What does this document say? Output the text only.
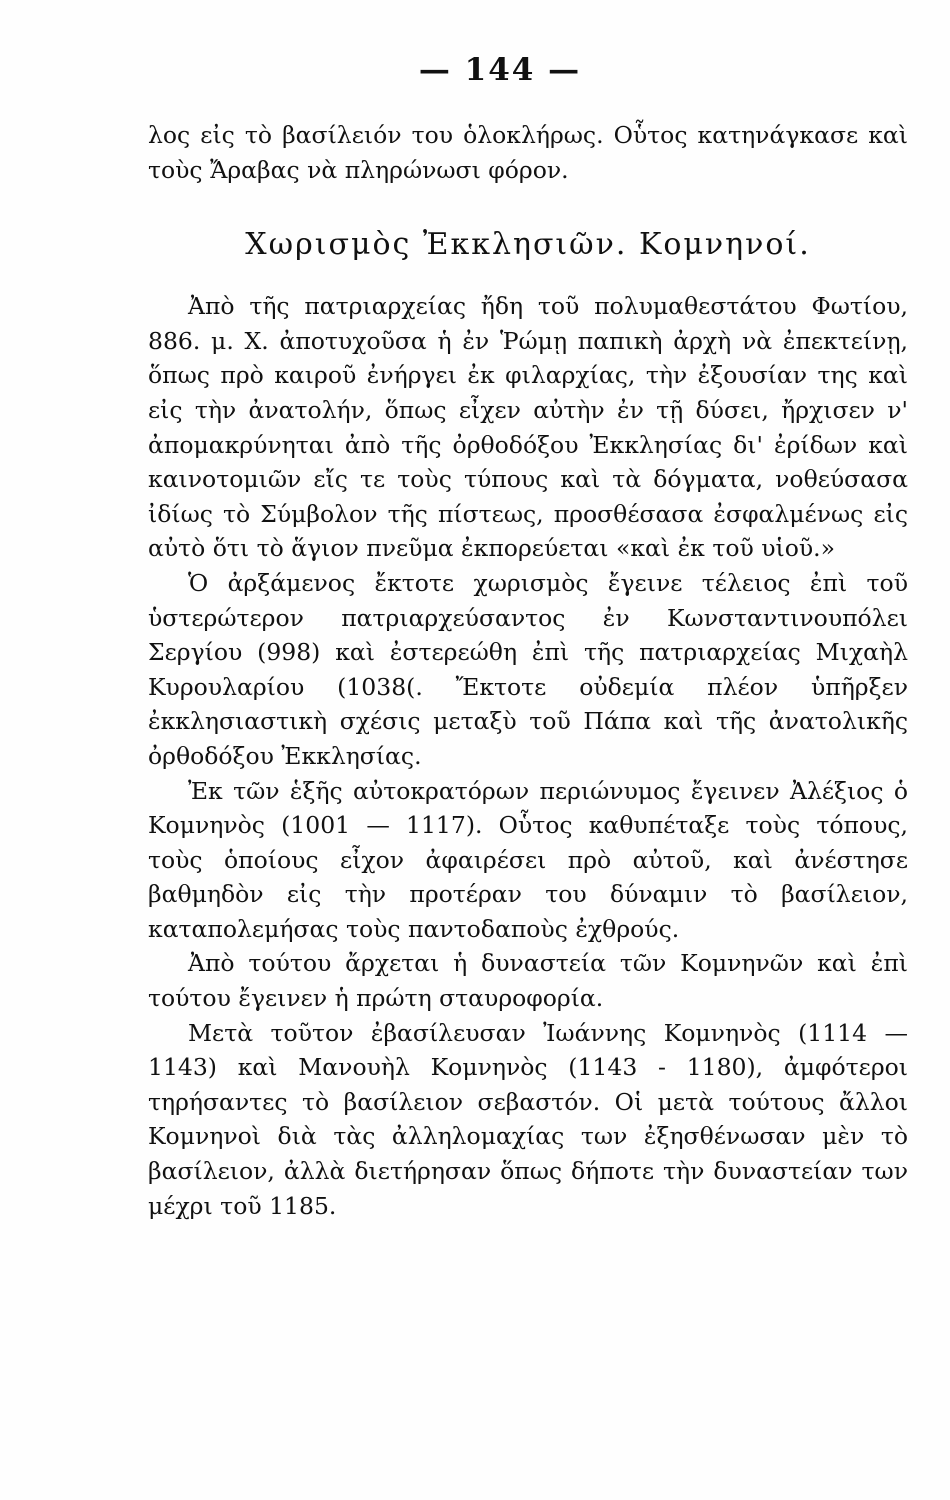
— 144 —

λος εἰς τὸ βασίλειόν του ὁλοκλήρως. Οὗτος κατηνάγκασε καὶ τοὺς Ἄραβας νὰ πληρώνωσι φόρον.

Χωρισμὸς Ἐκκλησιῶν. Κομνηνοί.

Ἀπὸ τῆς πατριαρχείας ἤδη τοῦ πολυμαθεστάτου Φωτίου, 886. μ. Χ. ἀποτυχοῦσα ἡ ἐν Ῥώμῃ παπικὴ ἀρχὴ νὰ ἐπεκτείνῃ, ὅπως πρὸ καιροῦ ἐνήργει ἐκ φιλαρχίας, τὴν ἐξουσίαν της καὶ εἰς τὴν ἀνατολήν, ὅπως εἶχεν αὐτὴν ἐν τῇ δύσει, ἤρχισεν ν' ἀπομακρύνηται ἀπὸ τῆς ὀρθοδόξου Ἐκκλησίας δι' ἐρίδων καὶ καινοτομιῶν εἴς τε τοὺς τύπους καὶ τὰ δόγματα, νοθεύσασα ἰδίως τὸ Σύμβολον τῆς πίστεως, προσθέσασα ἐσφαλμένως εἰς αὐτὸ ὅτι τὸ ἅγιον πνεῦμα ἐκπορεύεται «καὶ ἐκ τοῦ υἱοῦ.»

Ὁ ἀρξάμενος ἔκτοτε χωρισμὸς ἔγεινε τέλειος ἐπὶ τοῦ ὑστερώτερον πατριαρχεύσαντος ἐν Κωνσταντινουπόλει Σεργίου (998) καὶ ἐστερεώθη ἐπὶ τῆς πατριαρχείας Μιχαὴλ Κυρουλαρίου (1038(. Ἔκτοτε οὐδεμία πλέον ὑπῆρξεν ἐκκλησιαστικὴ σχέσις μεταξὺ τοῦ Πάπα καὶ τῆς ἀνατολικῆς ὀρθοδόξου Ἐκκλησίας.

Ἐκ τῶν ἑξῆς αὐτοκρατόρων περιώνυμος ἔγεινεν Ἀλέξιος ὁ Κομνηνὸς (1001 — 1117). Οὗτος καθυπέταξε τοὺς τόπους, τοὺς ὁποίους εἶχον ἀφαιρέσει πρὸ αὐτοῦ, καὶ ἀνέστησε βαθμηδὸν εἰς τὴν προτέραν του δύναμιν τὸ βασίλειον, καταπολεμήσας τοὺς παντοδαποὺς ἐχθρούς.

Ἀπὸ τούτου ἄρχεται ἡ δυναστεία τῶν Κομνηνῶν καὶ ἐπὶ τούτου ἔγεινεν ἡ πρώτη σταυροφορία.

Μετὰ τοῦτον ἐβασίλευσαν Ἰωάννης Κομνηνὸς (1114 — 1143) καὶ Μανουὴλ Κομνηνὸς (1143 - 1180), ἀμφότεροι τηρήσαντες τὸ βασίλειον σεβαστόν. Οἱ μετὰ τούτους ἄλλοι Κομνηνοὶ διὰ τὰς ἀλληλομαχίας των ἐξησθένωσαν μὲν τὸ βασίλειον, ἀλλὰ διετήρησαν ὅπως δήποτε τὴν δυναστείαν των μέχρι τοῦ 1185.
